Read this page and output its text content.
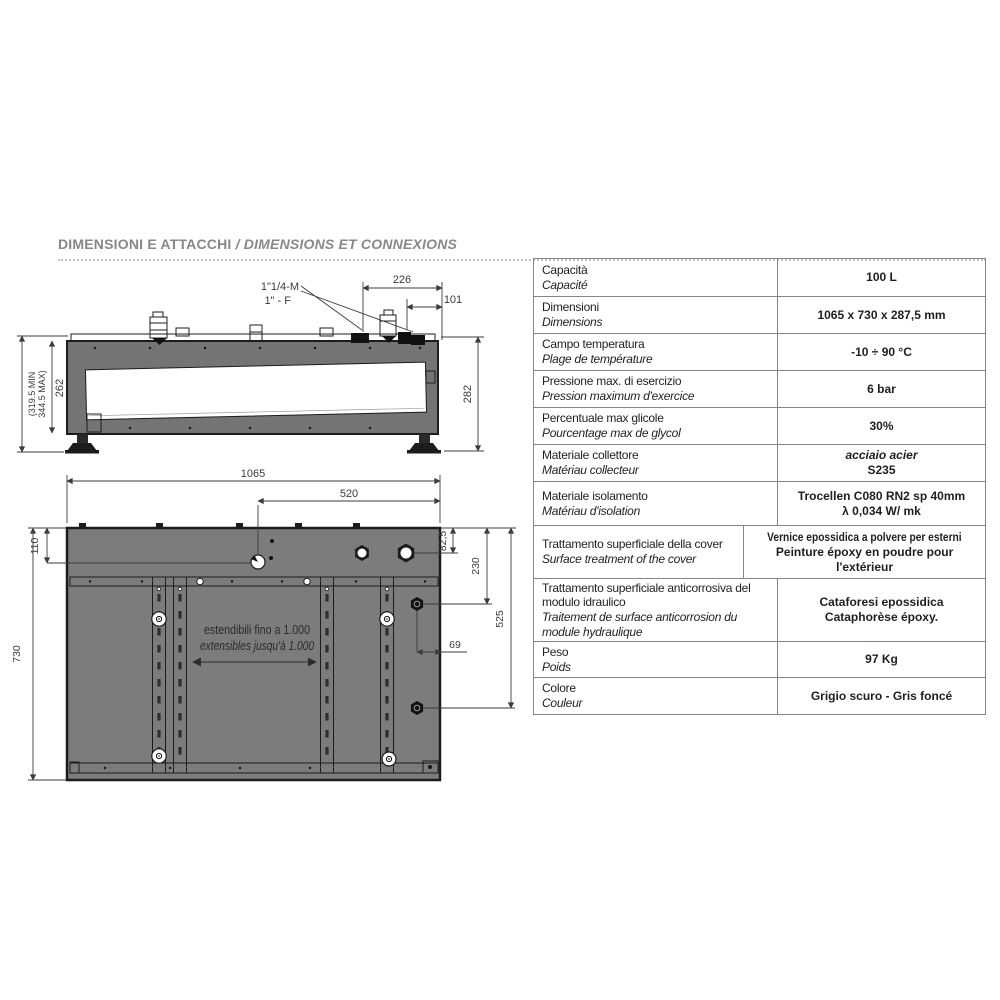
DIMENSIONI E ATTACCHI / DIMENSIONS ET CONNEXIONS
226
101
1"1/4-M
1" - F
282
(319.5 MIN 344.5 MAX) 262
estendibili fino a 1.000
extensibles jusqu'à 1.000
1065
520
110
730
82,5
230
525
69
Capacità
Capacité
100 L
Dimensioni
Dimensions
1065 x 730 x 287,5 mm
Campo temperatura
Plage de température
-10 ÷ 90 °C
Pressione max. di esercizio
Pression maximum d'exercice
6 bar
Percentuale max glicole
Pourcentage max de glycol
30%
Materiale collettore
Matériau collecteur
acciaio acier
S235
Materiale isolamento
Matériau d'isolation
Trocellen C080 RN2 sp 40mm
λ 0,034 W/ mk
Trattamento superficiale della cover
Surface treatment of the cover
Vernice epossidica a polvere per esterni
Peinture époxy en poudre pour
l'extérieur
Trattamento superficiale anticorrosiva del modulo idraulico
Traitement de surface anticorrosion du module hydraulique
Cataforesi epossidica
Cataphorèse époxy.
Peso
Poids
97 Kg
Colore
Couleur
Grigio scuro - Gris foncé
